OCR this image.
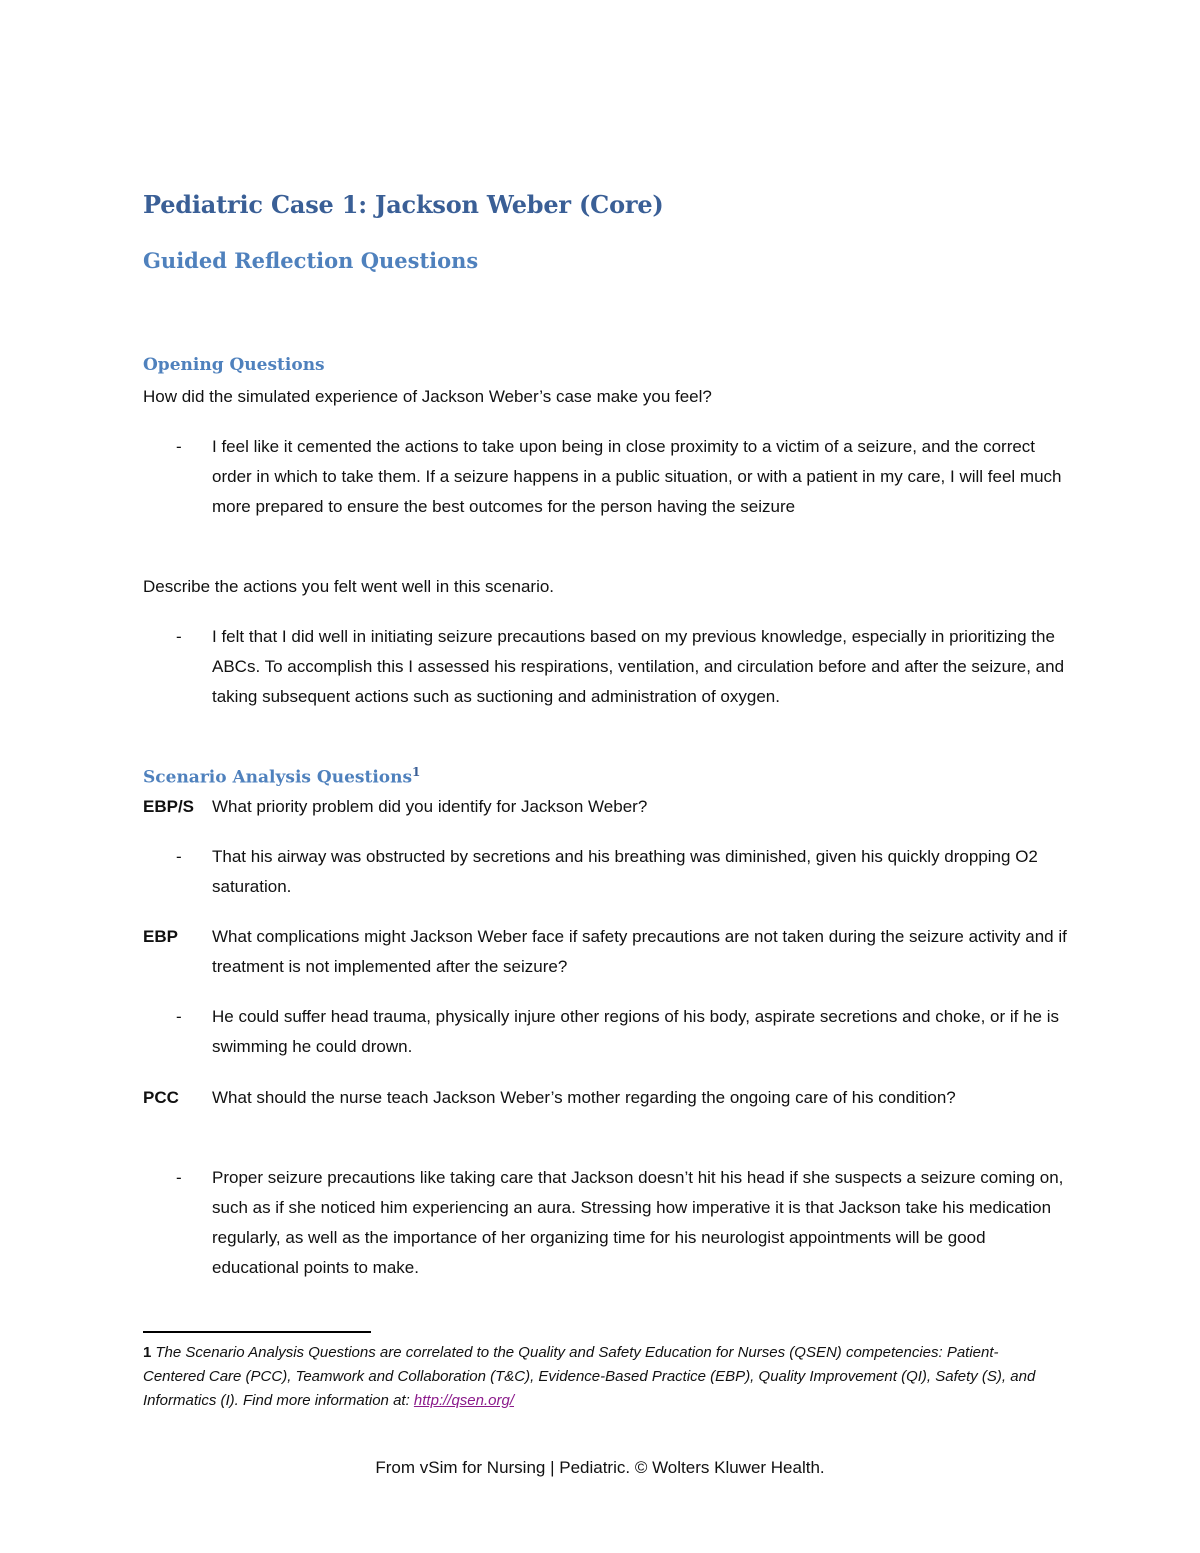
Pediatric Case 1: Jackson Weber (Core)
Guided Reflection Questions
Opening Questions

How did the simulated experience of Jackson Weber’s case make you feel?

- I feel like it cemented the actions to take upon being in close proximity to a victim of a seizure, and the correct order in which to take them. If a seizure happens in a public situation, or with a patient in my care, I will feel much more prepared to ensure the best outcomes for the person having the seizure

Describe the actions you felt went well in this scenario.

- I felt that I did well in initiating seizure precautions based on my previous knowledge, especially in prioritizing the ABCs. To accomplish this I assessed his respirations, ventilation, and circulation before and after the seizure, and taking subsequent actions such as suctioning and administration of oxygen.
Scenario Analysis Questions$^1$
EBP/S What priority problem did you identify for Jackson Weber?
- That his airway was obstructed by secretions and his breathing was diminished, given his quickly dropping O2 saturation.
EBP What complications might Jackson Weber face if safety precautions are not taken during the seizure activity and if treatment is not implemented after the seizure?
- He could suffer head trauma, physically injure other regions of his body, aspirate secretions and choke, or if he is swimming he could drown.
PCC What should the nurse teach Jackson Weber’s mother regarding the ongoing care of his condition?
- Proper seizure precautions like taking care that Jackson doesn’t hit his head if she suspects a seizure coming on, such as if she noticed him experiencing an aura. Stressing how imperative it is that Jackson take his medication regularly, as well as the importance of her organizing time for his neurologist appointments will be good educational points to make.
1 The Scenario Analysis Questions are correlated to the Quality and Safety Education for Nurses (QSEN) competencies: Patient-Centered Care (PCC), Teamwork and Collaboration (T&C), Evidence-Based Practice (EBP), Quality Improvement (QI), Safety (S), and Informatics (I). Find more information at: http://qsen.org/
From vSim for Nursing | Pediatric. © Wolters Kluwer Health.
